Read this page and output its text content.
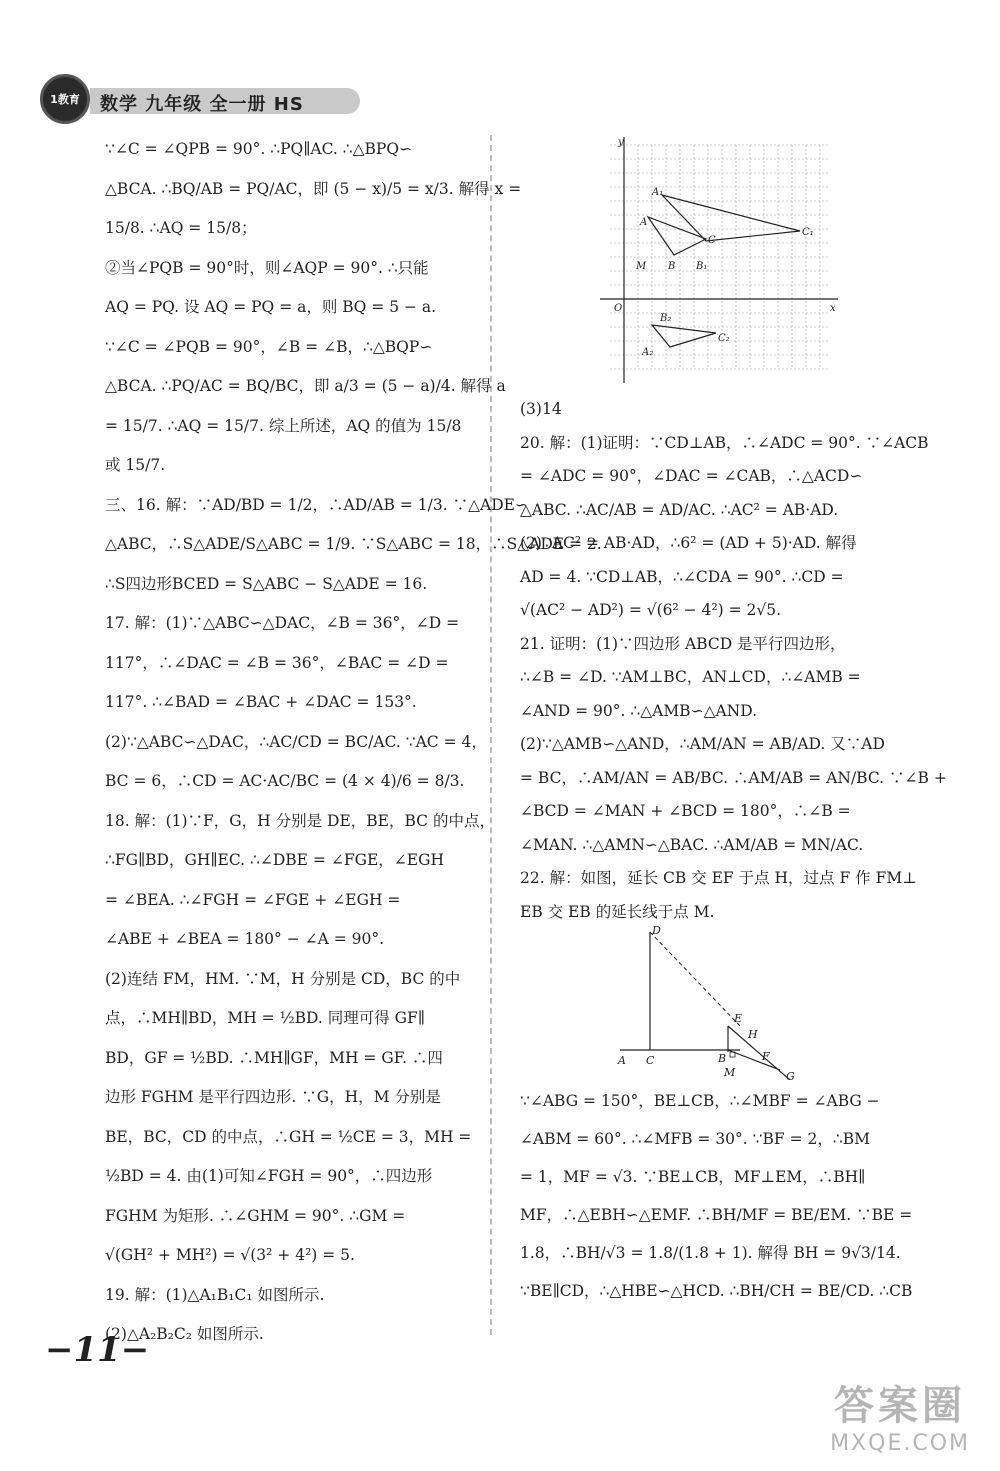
1教育	数学 九年级 全一册 HS
∵∠C = ∠QPB = 90°. ∴PQ∥AC. ∴△BPQ∽
△BCA. ∴BQ/AB = PQ/AC，即 (5 − x)/5 = x/3. 解得 x =
15/8. ∴AQ = 15/8；
②当∠PQB = 90°时，则∠AQP = 90°. ∴只能
AQ = PQ. 设 AQ = PQ = a，则 BQ = 5 − a.
∵∠C = ∠PQB = 90°，∠B = ∠B，∴△BQP∽
△BCA. ∴PQ/AC = BQ/BC，即 a/3 = (5 − a)/4. 解得 a
= 15/7. ∴AQ = 15/7. 综上所述，AQ 的值为 15/8
或 15/7.
三、16. 解：∵AD/BD = 1/2，∴AD/AB = 1/3. ∵△ADE∽
△ABC，∴S△ADE/S△ABC = 1/9. ∵S△ABC = 18，∴S△ADE = 2.
∴S四边形BCED = S△ABC − S△ADE = 16.
17. 解：(1)∵△ABC∽△DAC，∠B = 36°，∠D =
117°，∴∠DAC = ∠B = 36°，∠BAC = ∠D =
117°. ∴∠BAD = ∠BAC + ∠DAC = 153°.
(2)∵△ABC∽△DAC，∴AC/CD = BC/AC. ∵AC = 4，
BC = 6，∴CD = AC·AC/BC = (4 × 4)/6 = 8/3.
18. 解：(1)∵F，G，H 分别是 DE，BE，BC 的中点，
∴FG∥BD，GH∥EC. ∴∠DBE = ∠FGE，∠EGH
= ∠BEA. ∴∠FGH = ∠FGE + ∠EGH =
∠ABE + ∠BEA = 180° − ∠A = 90°.
(2)连结 FM，HM. ∵M，H 分别是 CD，BC 的中
点，∴MH∥BD，MH = ½BD. 同理可得 GF∥
BD，GF = ½BD. ∴MH∥GF，MH = GF. ∴四
边形 FGHM 是平行四边形. ∵G，H，M 分别是
BE，BC，CD 的中点，∴GH = ½CE = 3，MH =
½BD = 4. 由(1)可知∠FGH = 90°，∴四边形
FGHM 为矩形. ∴∠GHM = 90°. ∴GM =
√(GH² + MH²) = √(3² + 4²) = 5.
19. 解：(1)△A₁B₁C₁ 如图所示.
(2)△A₂B₂C₂ 如图所示.
y
x
O
A₁
A
B B₁
C
C₁
M
A₂
B₂
C₂
(3)14
20. 解：(1)证明：∵CD⊥AB，∴∠ADC = 90°. ∵∠ACB
= ∠ADC = 90°，∠DAC = ∠CAB，∴△ACD∽
△ABC. ∴AC/AB = AD/AC. ∴AC² = AB·AD.
(2)∵AC² = AB·AD，∴6² = (AD + 5)·AD. 解得
AD = 4. ∵CD⊥AB，∴∠CDA = 90°. ∴CD =
√(AC² − AD²) = √(6² − 4²) = 2√5.
21. 证明：(1)∵四边形 ABCD 是平行四边形，
∴∠B = ∠D. ∵AM⊥BC，AN⊥CD，∴∠AMB =
∠AND = 90°. ∴△AMB∽△AND.
(2)∵△AMB∽△AND，∴AM/AN = AB/AD. 又∵AD
= BC，∴AM/AN = AB/BC. ∴AM/AB = AN/BC. ∵∠B +
∠BCD = ∠MAN + ∠BCD = 180°，∴∠B =
∠MAN. ∴△AMN∽△BAC. ∴AM/AB = MN/AC.
22. 解：如图，延长 CB 交 EF 于点 H，过点 F 作 FM⊥
EB 交 EB 的延长线于点 M.
D
E
H
A C	B	F
M	G
∵∠ABG = 150°，BE⊥CB，∴∠MBF = ∠ABG −
∠ABM = 60°. ∴∠MFB = 30°. ∵BF = 2，∴BM
= 1，MF = √3. ∵BE⊥CB，MF⊥EM，∴BH∥
MF，∴△EBH∽△EMF. ∴BH/MF = BE/EM. ∵BE =
1.8，∴BH/√3 = 1.8/(1.8 + 1). 解得 BH = 9√3/14.
∵BE∥CD，∴△HBE∽△HCD. ∴BH/CH = BE/CD. ∴CB
−11−
答案圈
MXQE.COM
